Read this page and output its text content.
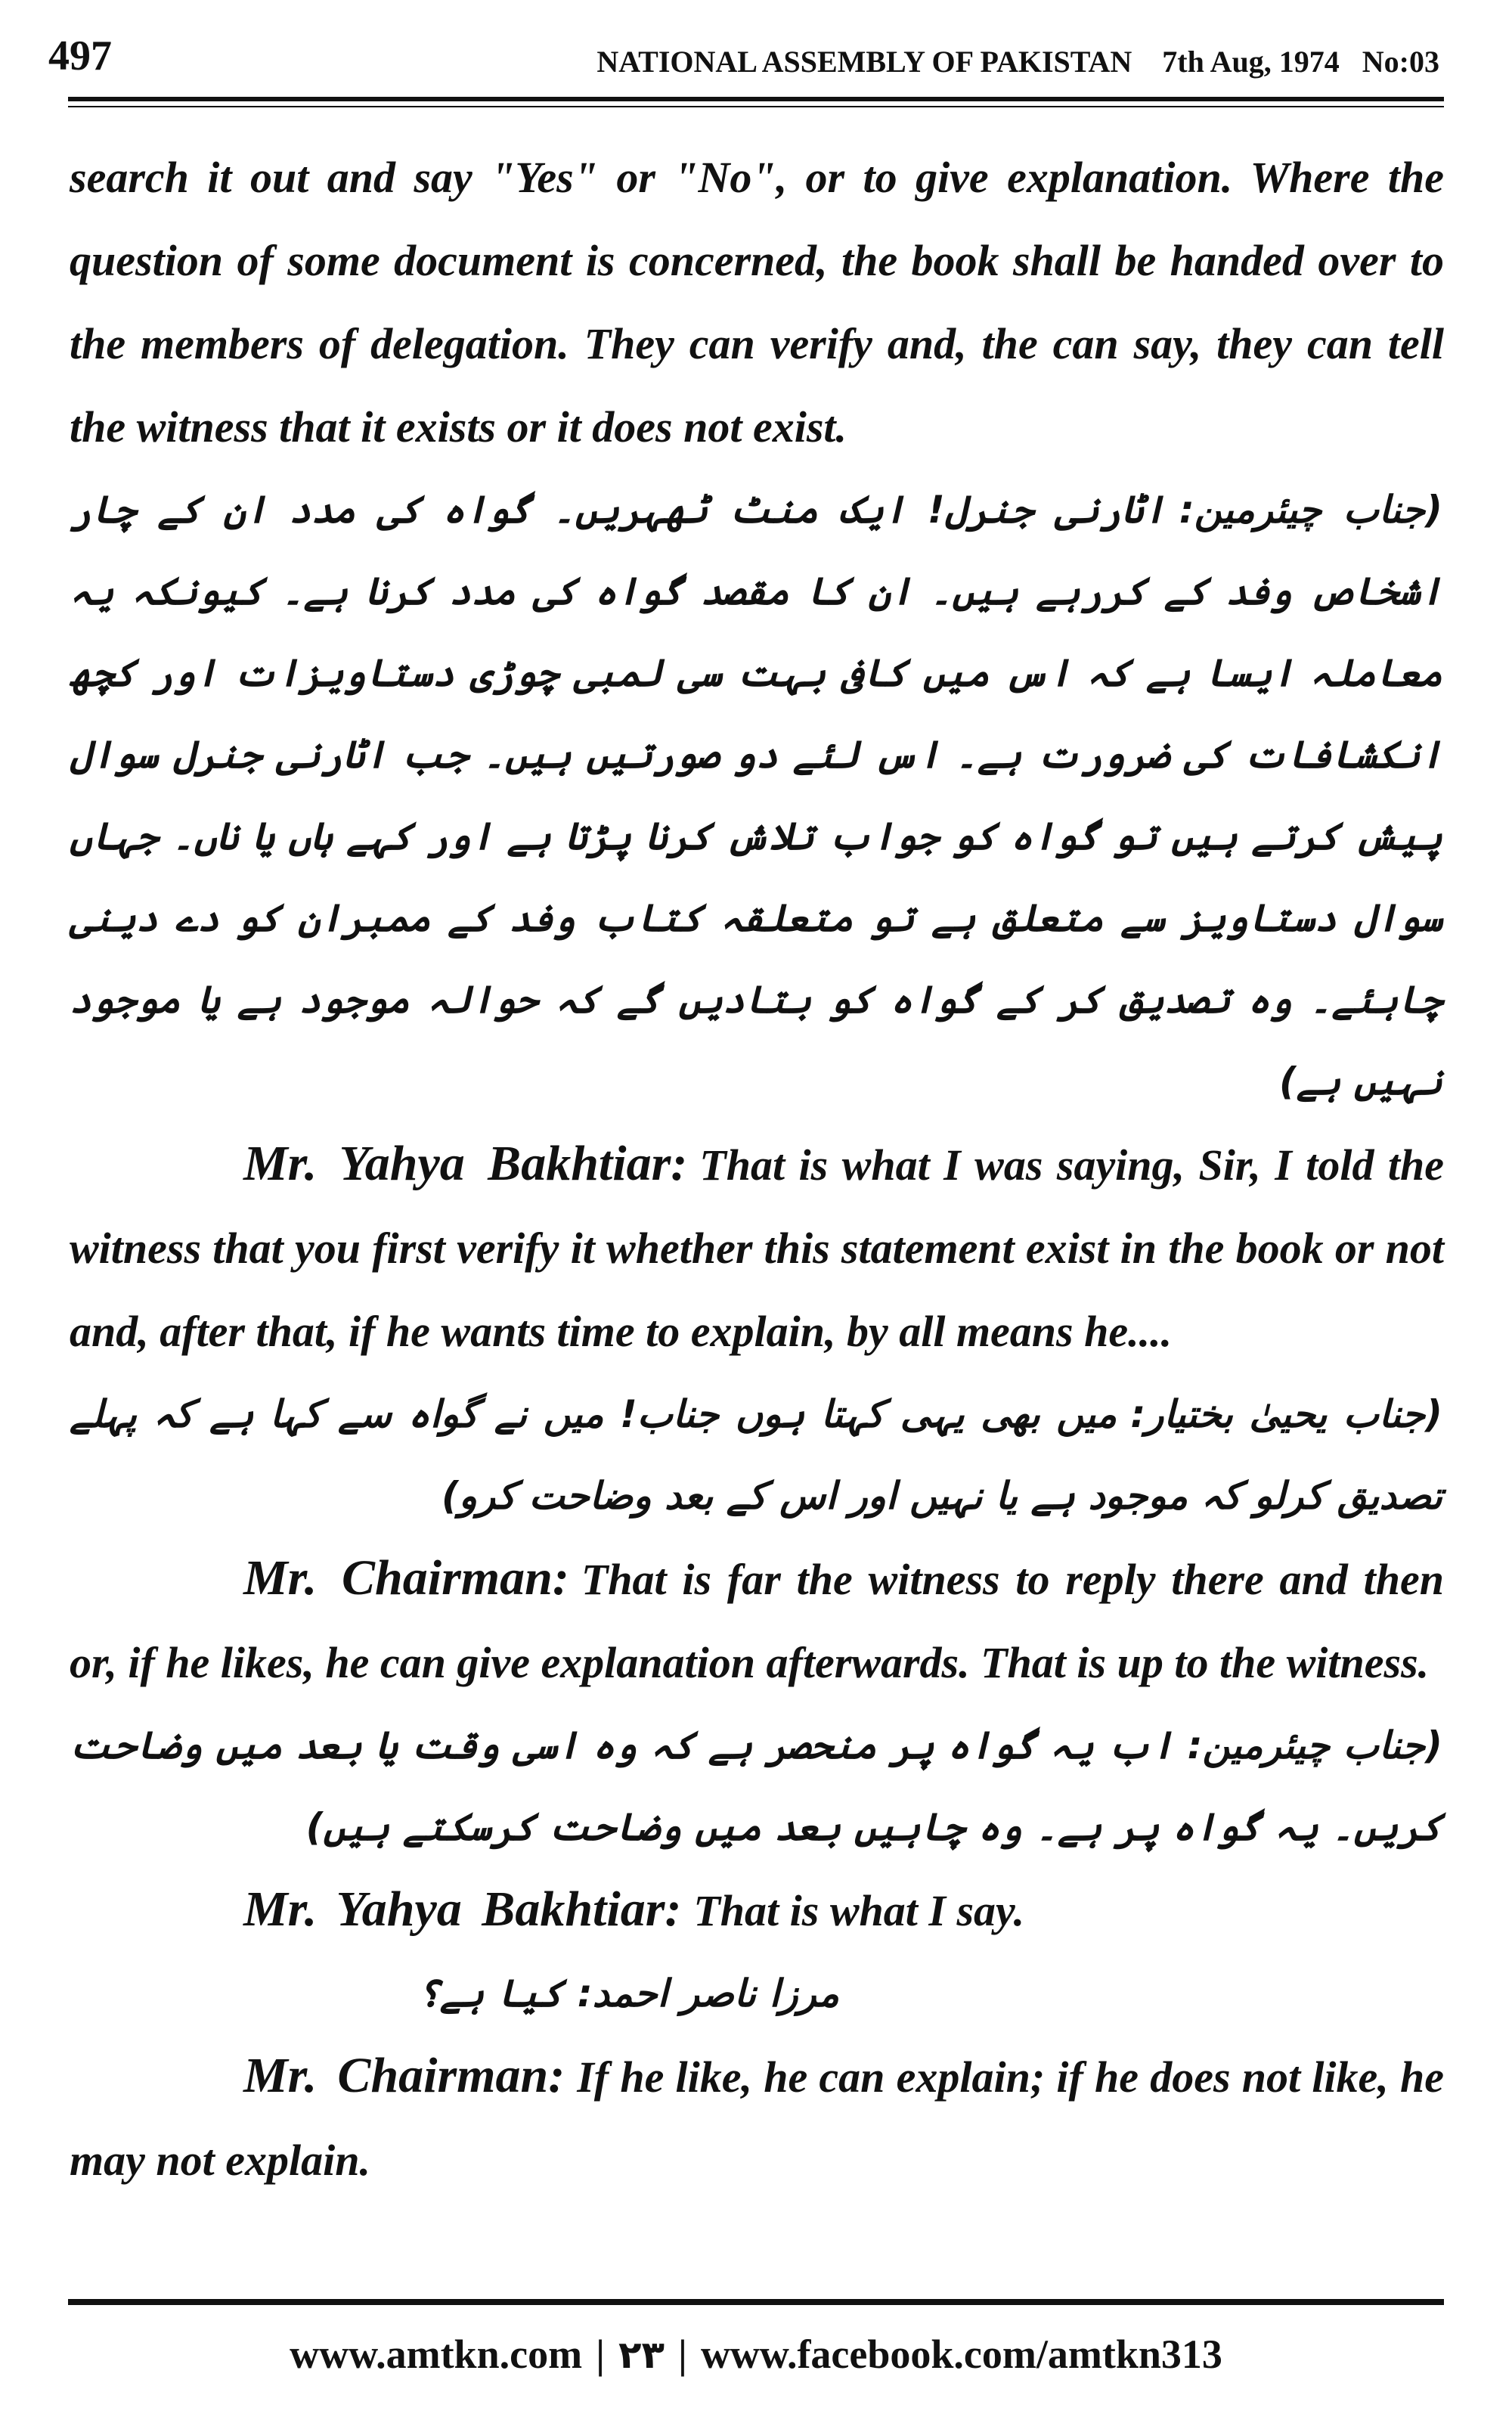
497	NATIONAL ASSEMBLY OF PAKISTAN    7th Aug, 1974   No:03

search it out and say "Yes" or "No", or to give explanation. Where the question of some document is concerned, the book shall be handed over to the members of delegation. They can verify and, the can say, they can tell the witness that it exists or it does not exist.

(جناب چیئرمین:اٹارنی جنرل! ایک منٹ ٹھہریں۔ گواہ کی مدد ان کے چار اشخاص وفد کے کررہے ہیں۔ ان کا مقصد گواہ کی مدد کرنا ہے۔ کیونکہ یہ معاملہ ایسا ہے کہ اس میں کافی بہت سی لمبی چوڑی دستاویزات اور کچھ انکشافات کی ضرورت ہے۔ اس لئے دو صورتیں ہیں۔ جب اٹارنی جنرل سوال پیش کرتے ہیں تو گواہ کو جواب تلاش کرنا پڑتا ہے اور کہے ہاں یا ناں۔ جہاں سوال دستاویز سے متعلق ہے تو متعلقہ کتاب وفد کے ممبران کو دے دینی چاہئے۔ وہ تصدیق کر کے گواہ کو بتادیں گے کہ حوالہ موجود ہے یا موجود نہیں ہے)

Mr. Yahya Bakhtiar: That is what I was saying, Sir, I told the witness that you first verify it whether this statement exist in the book or not and, after that, if he wants time to explain, by all means he....

(جناب یحییٰ بختیار:میں بھی یہی کہتا ہوں جناب! میں نے گواہ سے کہا ہے کہ پہلے تصدیق کرلو کہ موجود ہے یا نہیں اور اس کے بعد وضاحت کرو)

Mr. Chairman: That is far the witness to reply there and then or, if he likes, he can give explanation afterwards. That is up to the witness.

(جناب چیئرمین:اب یہ گواہ پر منحصر ہے کہ وہ اسی وقت یا بعد میں وضاحت کریں۔ یہ گواہ پر ہے۔ وہ چاہیں بعد میں وضاحت کرسکتے ہیں)

Mr. Yahya Bakhtiar: That is what I say.

مرزا ناصر احمد:کیا ہے؟

Mr. Chairman: If he like, he can explain; if he does not like, he may not explain.

www.amtkn.com | ۲۳ | www.facebook.com/amtkn313
